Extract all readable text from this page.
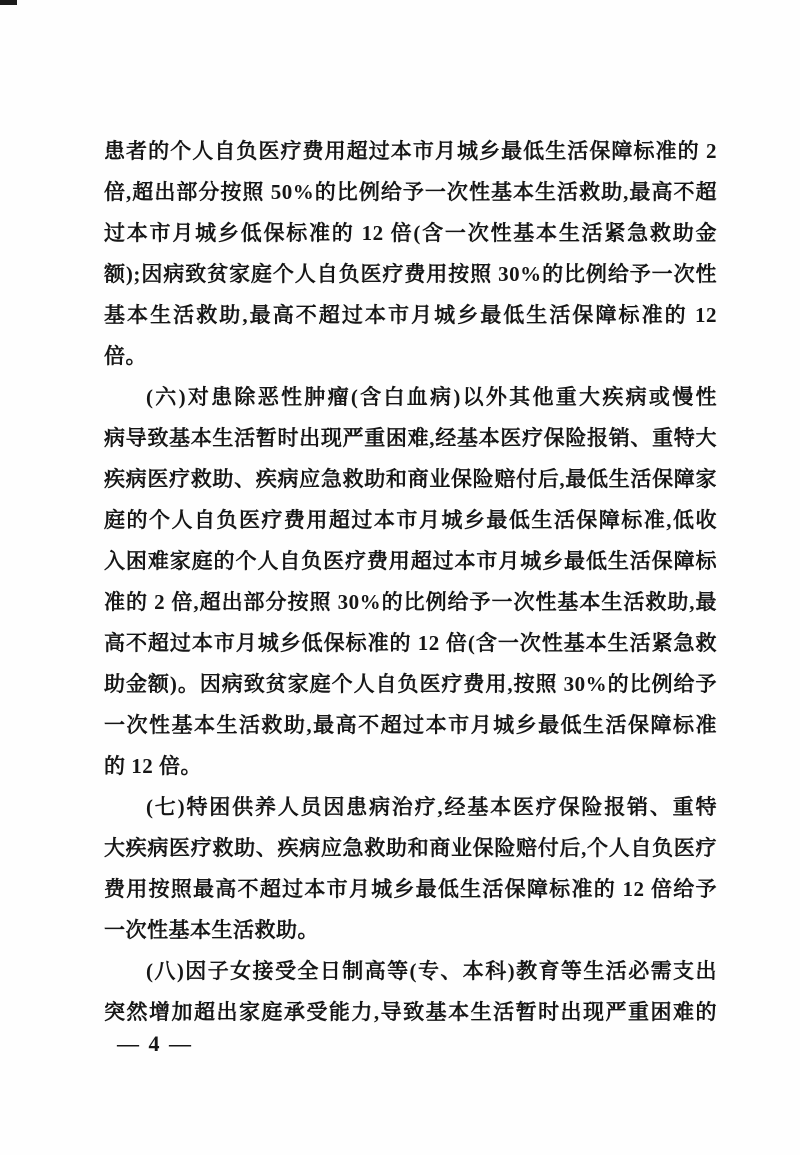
患者的个人自负医疗费用超过本市月城乡最低生活保障标准的 2
倍,超出部分按照 50%的比例给予一次性基本生活救助,最高不超
过本市月城乡低保标准的 12 倍(含一次性基本生活紧急救助金
额);因病致贫家庭个人自负医疗费用按照 30%的比例给予一次性
基本生活救助,最高不超过本市月城乡最低生活保障标准的 12
倍。
(六)对患除恶性肿瘤(含白血病)以外其他重大疾病或慢性
病导致基本生活暂时出现严重困难,经基本医疗保险报销、重特大
疾病医疗救助、疾病应急救助和商业保险赔付后,最低生活保障家
庭的个人自负医疗费用超过本市月城乡最低生活保障标准,低收
入困难家庭的个人自负医疗费用超过本市月城乡最低生活保障标
准的 2 倍,超出部分按照 30%的比例给予一次性基本生活救助,最
高不超过本市月城乡低保标准的 12 倍(含一次性基本生活紧急救
助金额)。因病致贫家庭个人自负医疗费用,按照 30%的比例给予
一次性基本生活救助,最高不超过本市月城乡最低生活保障标准
的 12 倍。
(七)特困供养人员因患病治疗,经基本医疗保险报销、重特
大疾病医疗救助、疾病应急救助和商业保险赔付后,个人自负医疗
费用按照最高不超过本市月城乡最低生活保障标准的 12 倍给予
一次性基本生活救助。
(八)因子女接受全日制高等(专、本科)教育等生活必需支出
突然增加超出家庭承受能力,导致基本生活暂时出现严重困难的
— 4 —
